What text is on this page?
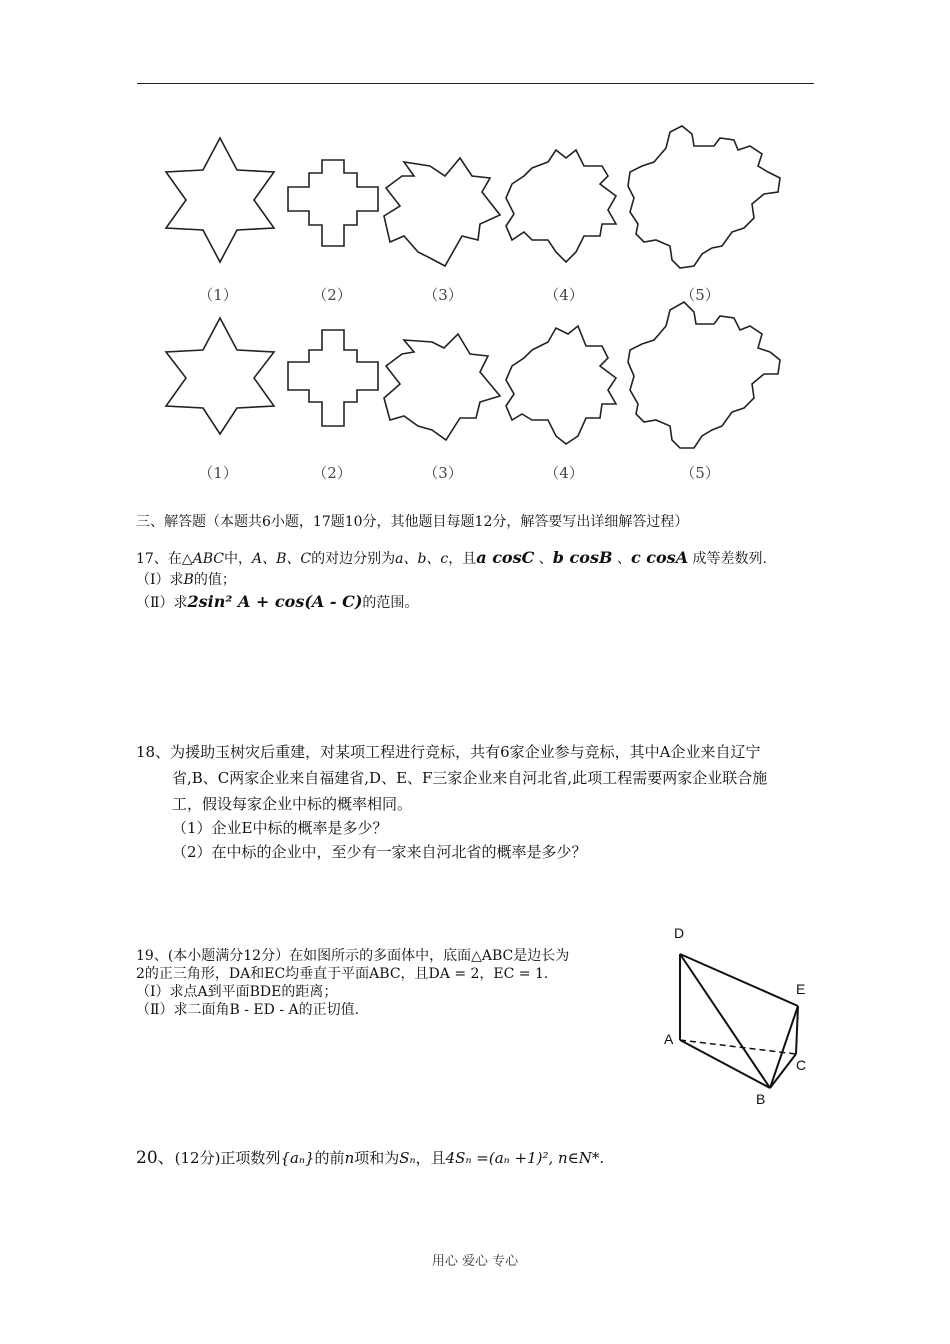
（1）	（2）	（3）	（4）	（5）
（1）	（2）	（3）	（4）	（5）
三、解答题（本题共6小题，17题10分，其他题目每题12分，解答要写出详细解答过程）
17、在△ABC中，A、B、C的对边分别为a、b、c，且a cosC 、b cosB 、c cosA 成等差数列.
（Ⅰ）求B的值；
（Ⅱ）求2sin² A + cos(A - C)的范围。
18、为援助玉树灾后重建，对某项工程进行竞标，共有6家企业参与竞标，其中A企业来自辽宁
省,B、C两家企业来自福建省,D、E、F三家企业来自河北省,此项工程需要两家企业联合施
工，假设每家企业中标的概率相同。
（1）企业E中标的概率是多少？
（2）在中标的企业中，至少有一家来自河北省的概率是多少？
19、(本小题满分12分）在如图所示的多面体中，底面△ABC是边长为
2的正三角形，DA和EC均垂直于平面ABC，且DA = 2，EC = 1.
（Ⅰ）求点A到平面BDE的距离；
（Ⅱ）求二面角B - ED - A的正切值.
D
E
A
C
B
20、(12分)正项数列{aₙ}的前n项和为Sₙ，且4Sₙ =(aₙ +1)², n∈N*.
用心 爱心 专心
